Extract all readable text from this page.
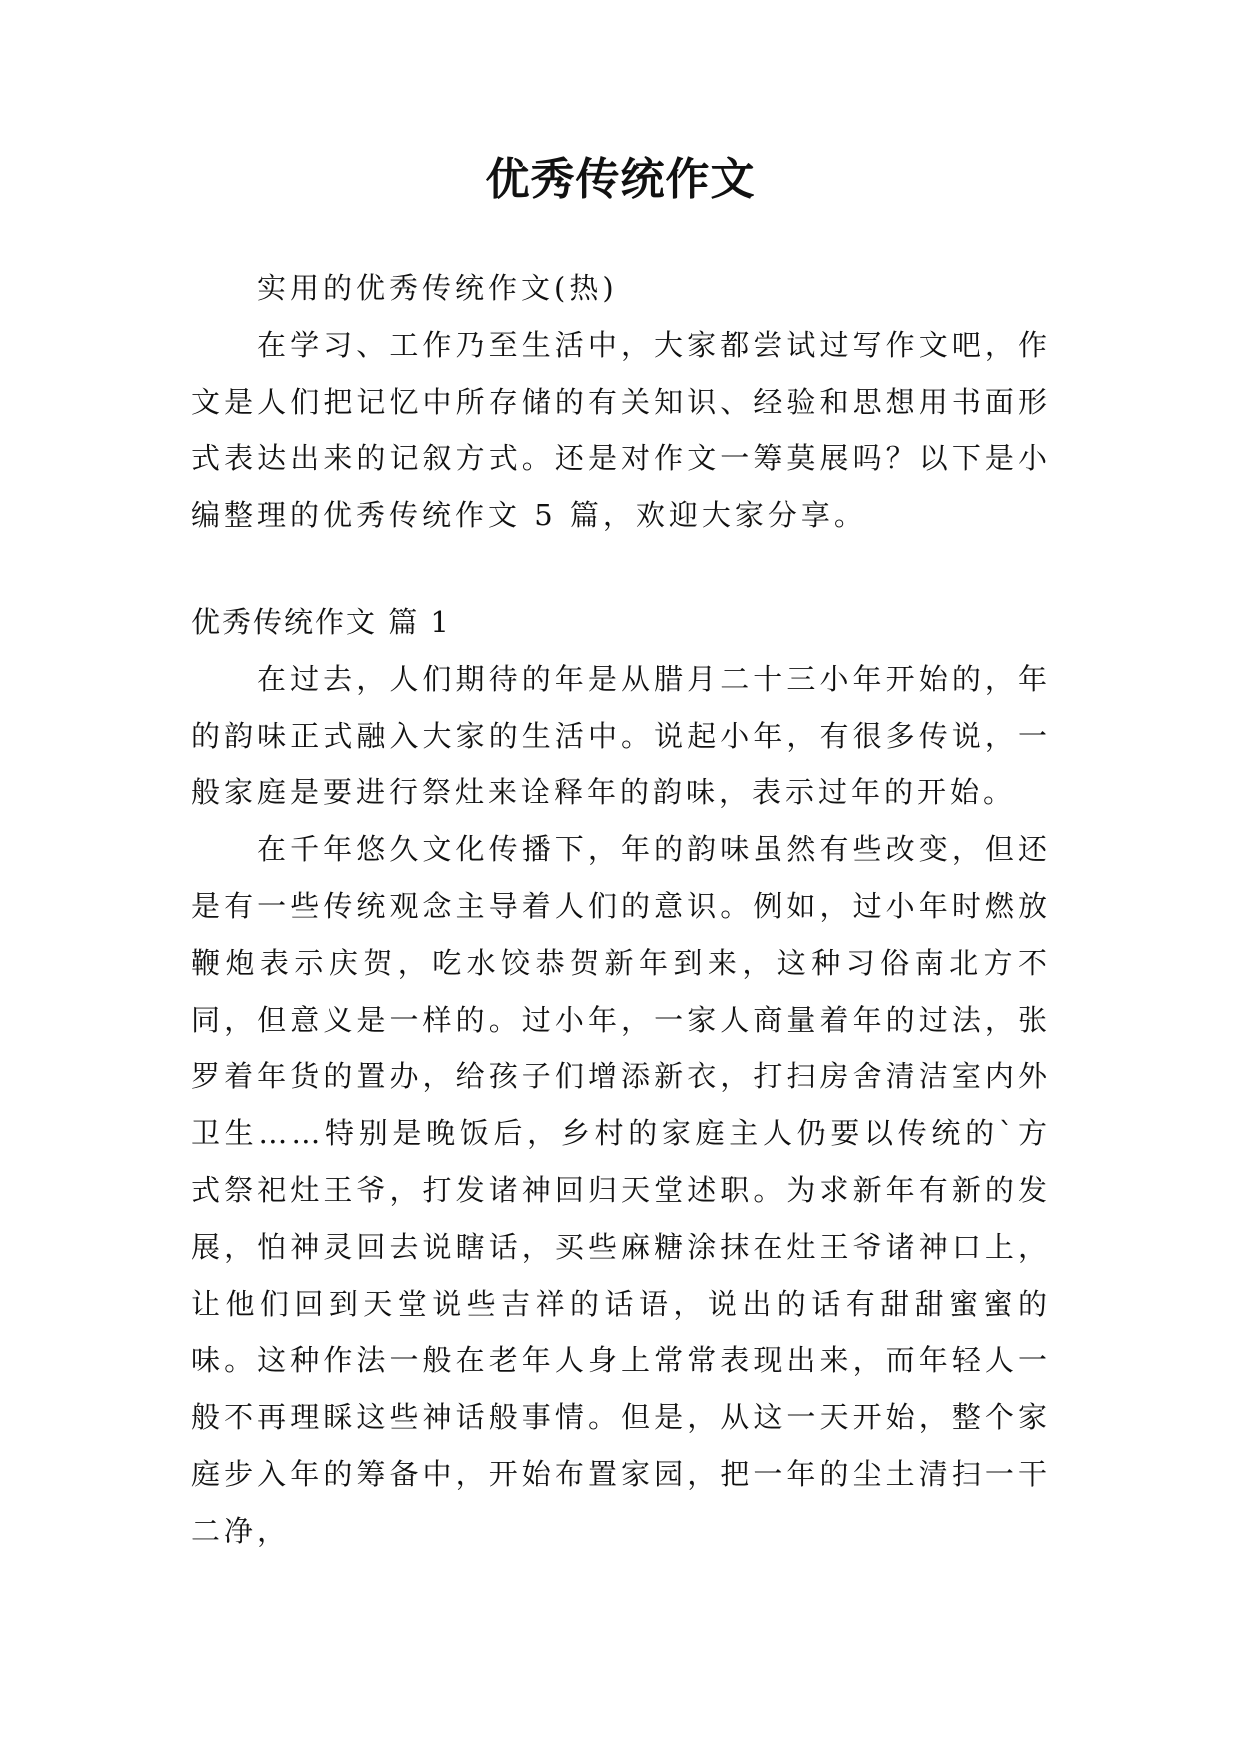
优秀传统作文

实用的优秀传统作文(热)

在学习、工作乃至生活中，大家都尝试过写作文吧，作文是人们把记忆中所存储的有关知识、经验和思想用书面形式表达出来的记叙方式。还是对作文一筹莫展吗？以下是小编整理的优秀传统作文 5 篇，欢迎大家分享。

优秀传统作文 篇 1

在过去，人们期待的年是从腊月二十三小年开始的，年的韵味正式融入大家的生活中。说起小年，有很多传说，一般家庭是要进行祭灶来诠释年的韵味，表示过年的开始。

在千年悠久文化传播下，年的韵味虽然有些改变，但还是有一些传统观念主导着人们的意识。例如，过小年时燃放鞭炮表示庆贺，吃水饺恭贺新年到来，这种习俗南北方不同，但意义是一样的。过小年，一家人商量着年的过法，张罗着年货的置办，给孩子们增添新衣，打扫房舍清洁室内外卫生……特别是晚饭后，乡村的家庭主人仍要以传统的`方式祭祀灶王爷，打发诸神回归天堂述职。为求新年有新的发展，怕神灵回去说瞎话，买些麻糖涂抹在灶王爷诸神口上，让他们回到天堂说些吉祥的话语，说出的话有甜甜蜜蜜的味。这种作法一般在老年人身上常常表现出来，而年轻人一般不再理睬这些神话般事情。但是，从这一天开始，整个家庭步入年的筹备中，开始布置家园，把一年的尘土清扫一干二净，
